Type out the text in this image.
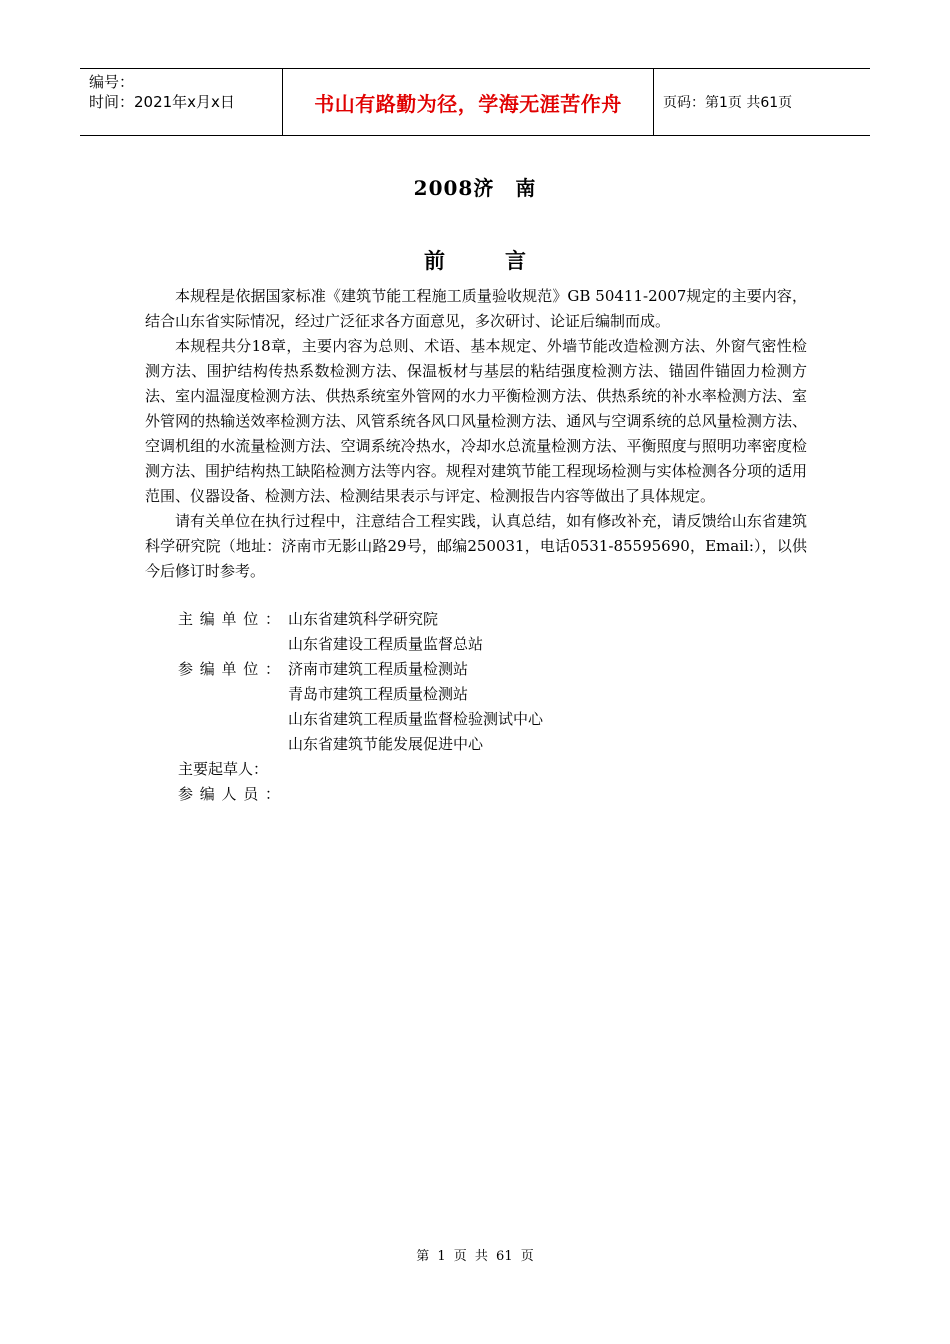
编号：
时间：2021年x月x日	书山有路勤为径，学海无涯苦作舟	页码：第1页 共61页
2008济　南
前言

本规程是依据国家标准《建筑节能工程施工质量验收规范》GB 50411-2007规定的主要内容，结合山东省实际情况，经过广泛征求各方面意见，多次研讨、论证后编制而成。

本规程共分18章，主要内容为总则、术语、基本规定、外墙节能改造检测方法、外窗气密性检测方法、围护结构传热系数检测方法、保温板材与基层的粘结强度检测方法、锚固件锚固力检测方法、室内温湿度检测方法、供热系统室外管网的水力平衡检测方法、供热系统的补水率检测方法、室外管网的热输送效率检测方法、风管系统各风口风量检测方法、通风与空调系统的总风量检测方法、空调机组的水流量检测方法、空调系统冷热水，冷却水总流量检测方法、平衡照度与照明功率密度检测方法、围护结构热工缺陷检测方法等内容。规程对建筑节能工程现场检测与实体检测各分项的适用范围、仪器设备、检测方法、检测结果表示与评定、检测报告内容等做出了具体规定。

请有关单位在执行过程中，注意结合工程实践，认真总结，如有修改补充，请反馈给山东省建筑科学研究院（地址：济南市无影山路29号，邮编250031，电话0531-85595690，Email:），以供今后修订时参考。

主编单位： 山东省建筑科学研究院
山东省建设工程质量监督总站
参编单位： 济南市建筑工程质量检测站
青岛市建筑工程质量检测站
山东省建筑工程质量监督检验测试中心
山东省建筑节能发展促进中心
主要起草人：
参编人员：
第 1 页 共 61 页
